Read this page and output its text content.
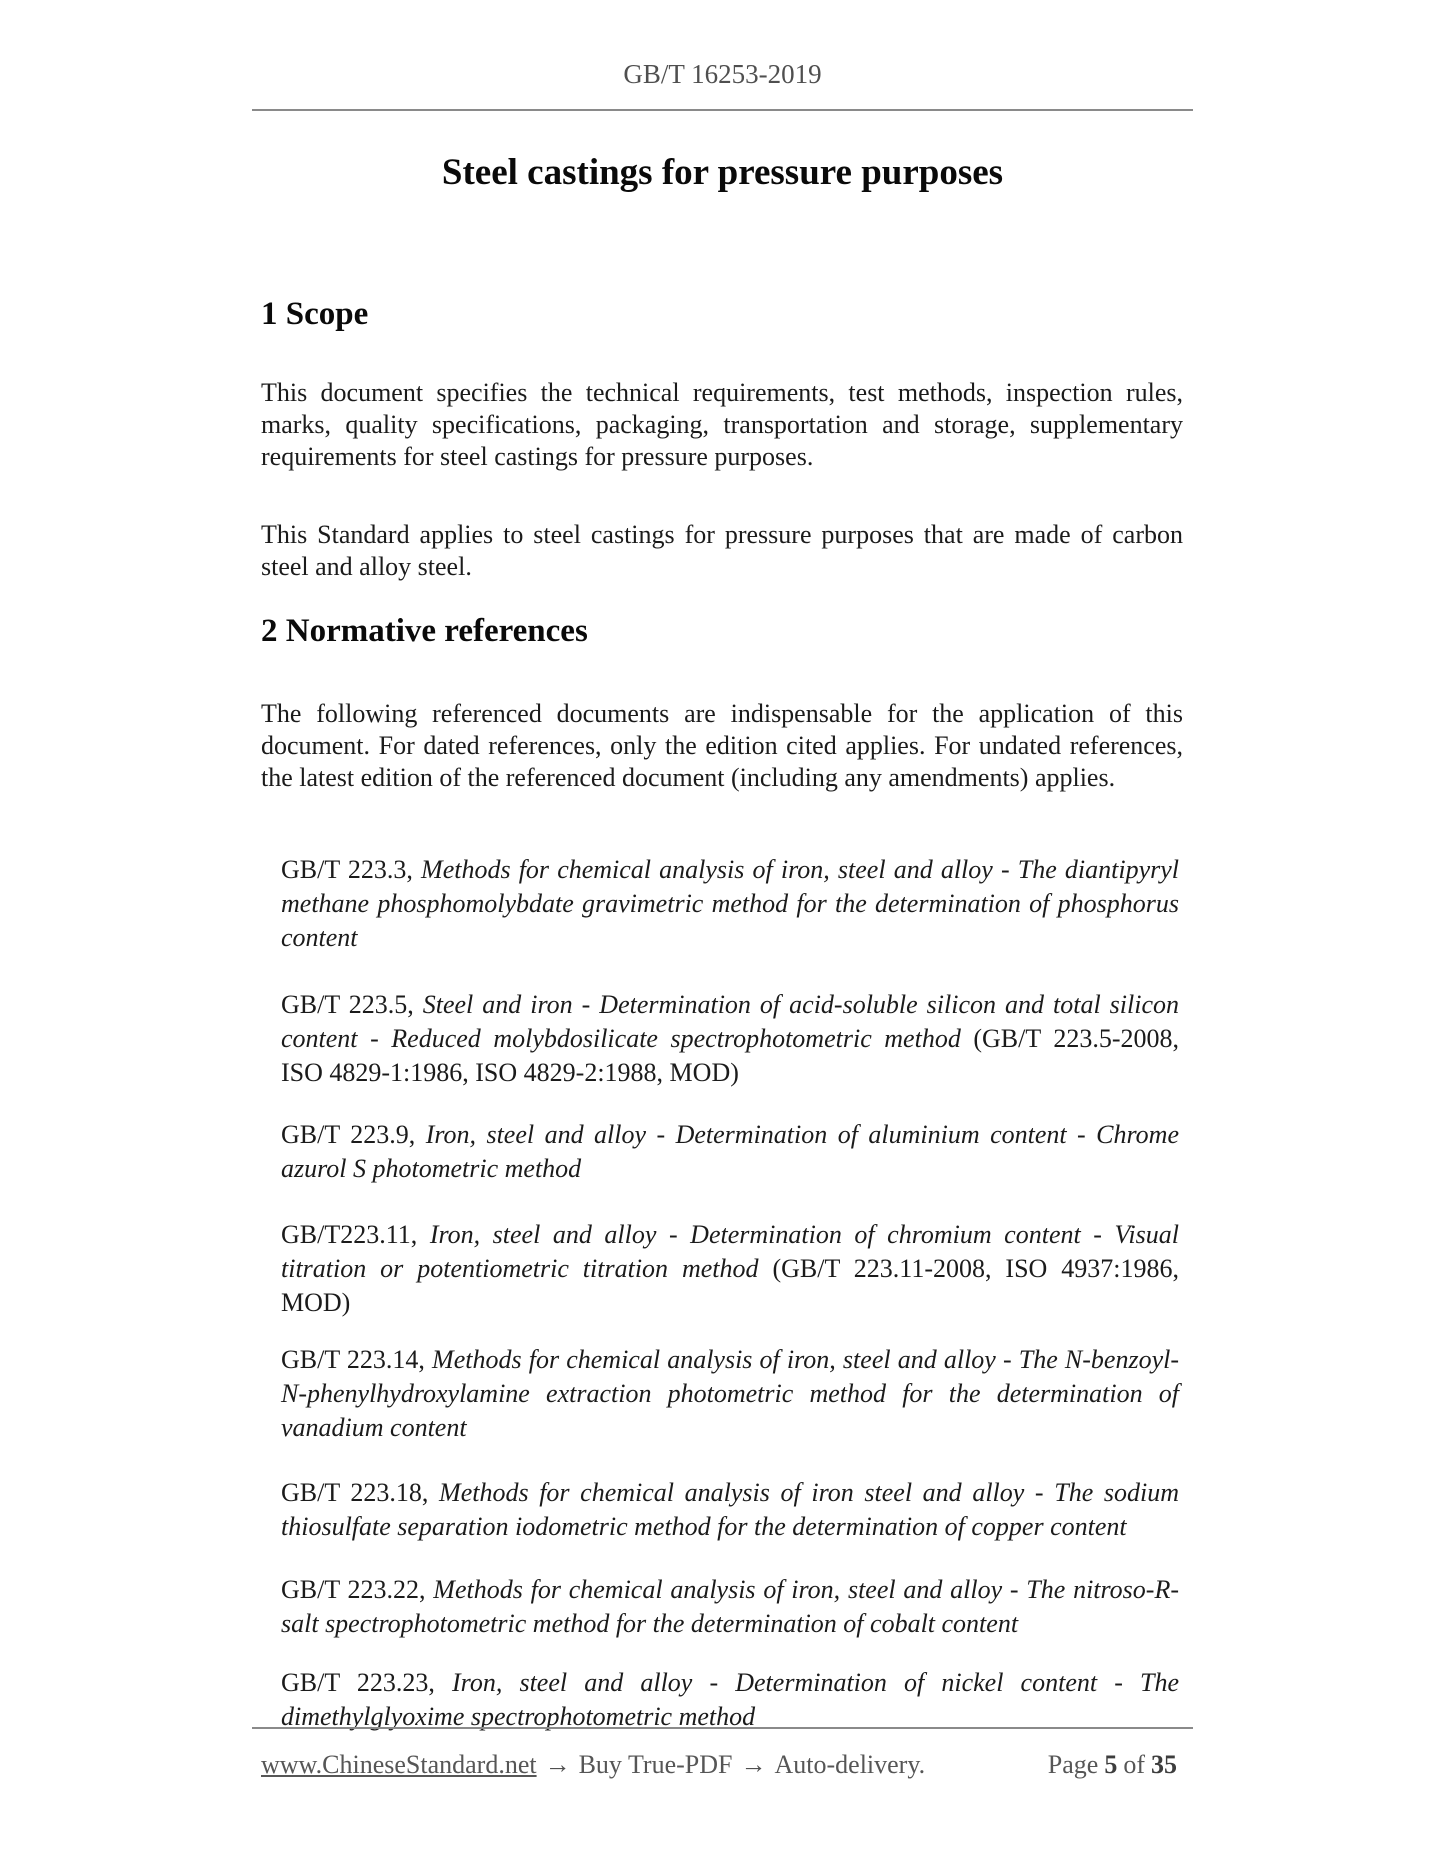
GB/T 16253-2019
Steel castings for pressure purposes
1 Scope
This document specifies the technical requirements, test methods, inspection rules, marks, quality specifications, packaging, transportation and storage, supplementary requirements for steel castings for pressure purposes.
This Standard applies to steel castings for pressure purposes that are made of carbon steel and alloy steel.
2 Normative references
The following referenced documents are indispensable for the application of this document. For dated references, only the edition cited applies. For undated references, the latest edition of the referenced document (including any amendments) applies.

GB/T 223.3, Methods for chemical analysis of iron, steel and alloy - The diantipyryl methane phosphomolybdate gravimetric method for the determination of phosphorus content

GB/T 223.5, Steel and iron - Determination of acid-soluble silicon and total silicon content - Reduced molybdosilicate spectrophotometric method (GB/T 223.5-2008, ISO 4829-1:1986, ISO 4829-2:1988, MOD)

GB/T 223.9, Iron, steel and alloy - Determination of aluminium content - Chrome azurol S photometric method

GB/T223.11, Iron, steel and alloy - Determination of chromium content - Visual titration or potentiometric titration method (GB/T 223.11-2008, ISO 4937:1986, MOD)

GB/T 223.14, Methods for chemical analysis of iron, steel and alloy - The N-benzoyl-N-phenylhydroxylamine extraction photometric method for the determination of vanadium content

GB/T 223.18, Methods for chemical analysis of iron steel and alloy - The sodium thiosulfate separation iodometric method for the determination of copper content

GB/T 223.22, Methods for chemical analysis of iron, steel and alloy - The nitroso-R-salt spectrophotometric method for the determination of cobalt content

GB/T 223.23, Iron, steel and alloy - Determination of nickel content - The dimethylglyoxime spectrophotometric method

www.ChineseStandard.net → Buy True-PDF → Auto-delivery.	Page 5 of 35
